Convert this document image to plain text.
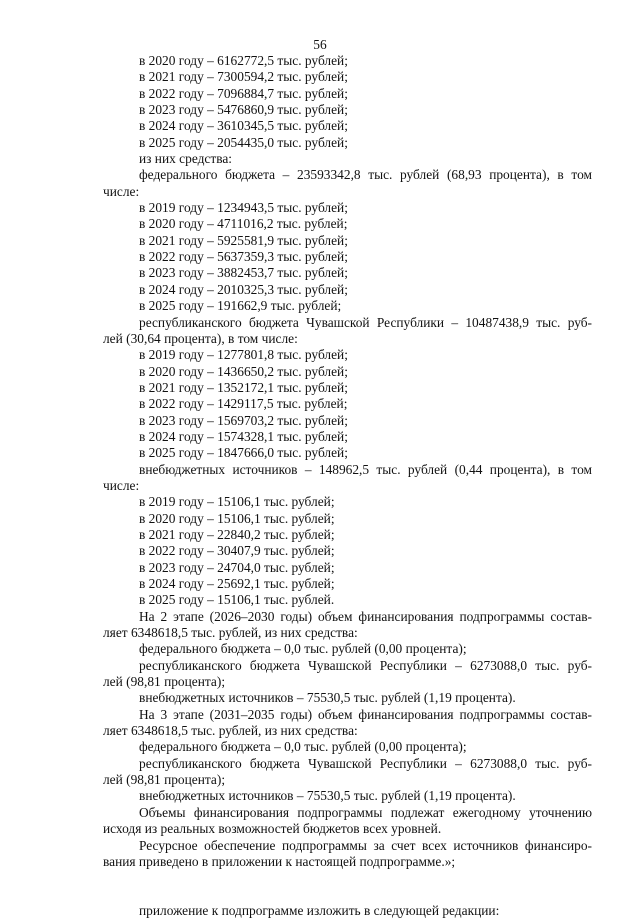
56
в 2020 году – 6162772,5 тыс. рублей;
в 2021 году – 7300594,2 тыс. рублей;
в 2022 году – 7096884,7 тыс. рублей;
в 2023 году – 5476860,9 тыс. рублей;
в 2024 году – 3610345,5 тыс. рублей;
в 2025 году – 2054435,0 тыс. рублей;
из них средства:
федерального бюджета – 23593342,8 тыс. рублей (68,93 процента), в том
числе:
в 2019 году – 1234943,5 тыс. рублей;
в 2020 году – 4711016,2 тыс. рублей;
в 2021 году – 5925581,9 тыс. рублей;
в 2022 году – 5637359,3 тыс. рублей;
в 2023 году – 3882453,7 тыс. рублей;
в 2024 году – 2010325,3 тыс. рублей;
в 2025 году – 191662,9 тыс. рублей;
республиканского бюджета Чувашской Республики – 10487438,9 тыс. руб-
лей (30,64 процента), в том числе:
в 2019 году – 1277801,8 тыс. рублей;
в 2020 году – 1436650,2 тыс. рублей;
в 2021 году – 1352172,1 тыс. рублей;
в 2022 году – 1429117,5 тыс. рублей;
в 2023 году – 1569703,2 тыс. рублей;
в 2024 году – 1574328,1 тыс. рублей;
в 2025 году – 1847666,0 тыс. рублей;
внебюджетных источников – 148962,5 тыс. рублей (0,44 процента), в том
числе:
в 2019 году – 15106,1 тыс. рублей;
в 2020 году – 15106,1 тыс. рублей;
в 2021 году – 22840,2 тыс. рублей;
в 2022 году – 30407,9 тыс. рублей;
в 2023 году – 24704,0 тыс. рублей;
в 2024 году – 25692,1 тыс. рублей;
в 2025 году – 15106,1 тыс. рублей.
На 2 этапе (2026–2030 годы) объем финансирования подпрограммы состав-
ляет 6348618,5 тыс. рублей, из них средства:
федерального бюджета – 0,0 тыс. рублей (0,00 процента);
республиканского бюджета Чувашской Республики – 6273088,0 тыс. руб-
лей (98,81 процента);
внебюджетных источников – 75530,5 тыс. рублей (1,19 процента).
На 3 этапе (2031–2035 годы) объем финансирования подпрограммы состав-
ляет 6348618,5 тыс. рублей, из них средства:
федерального бюджета – 0,0 тыс. рублей (0,00 процента);
республиканского бюджета Чувашской Республики – 6273088,0 тыс. руб-
лей (98,81 процента);
внебюджетных источников – 75530,5 тыс. рублей (1,19 процента).
Объемы финансирования подпрограммы подлежат ежегодному уточнению
исходя из реальных возможностей бюджетов всех уровней.
Ресурсное обеспечение подпрограммы за счет всех источников финансиро-
вания приведено в приложении к настоящей подпрограмме.»;
приложение к подпрограмме изложить в следующей редакции:
